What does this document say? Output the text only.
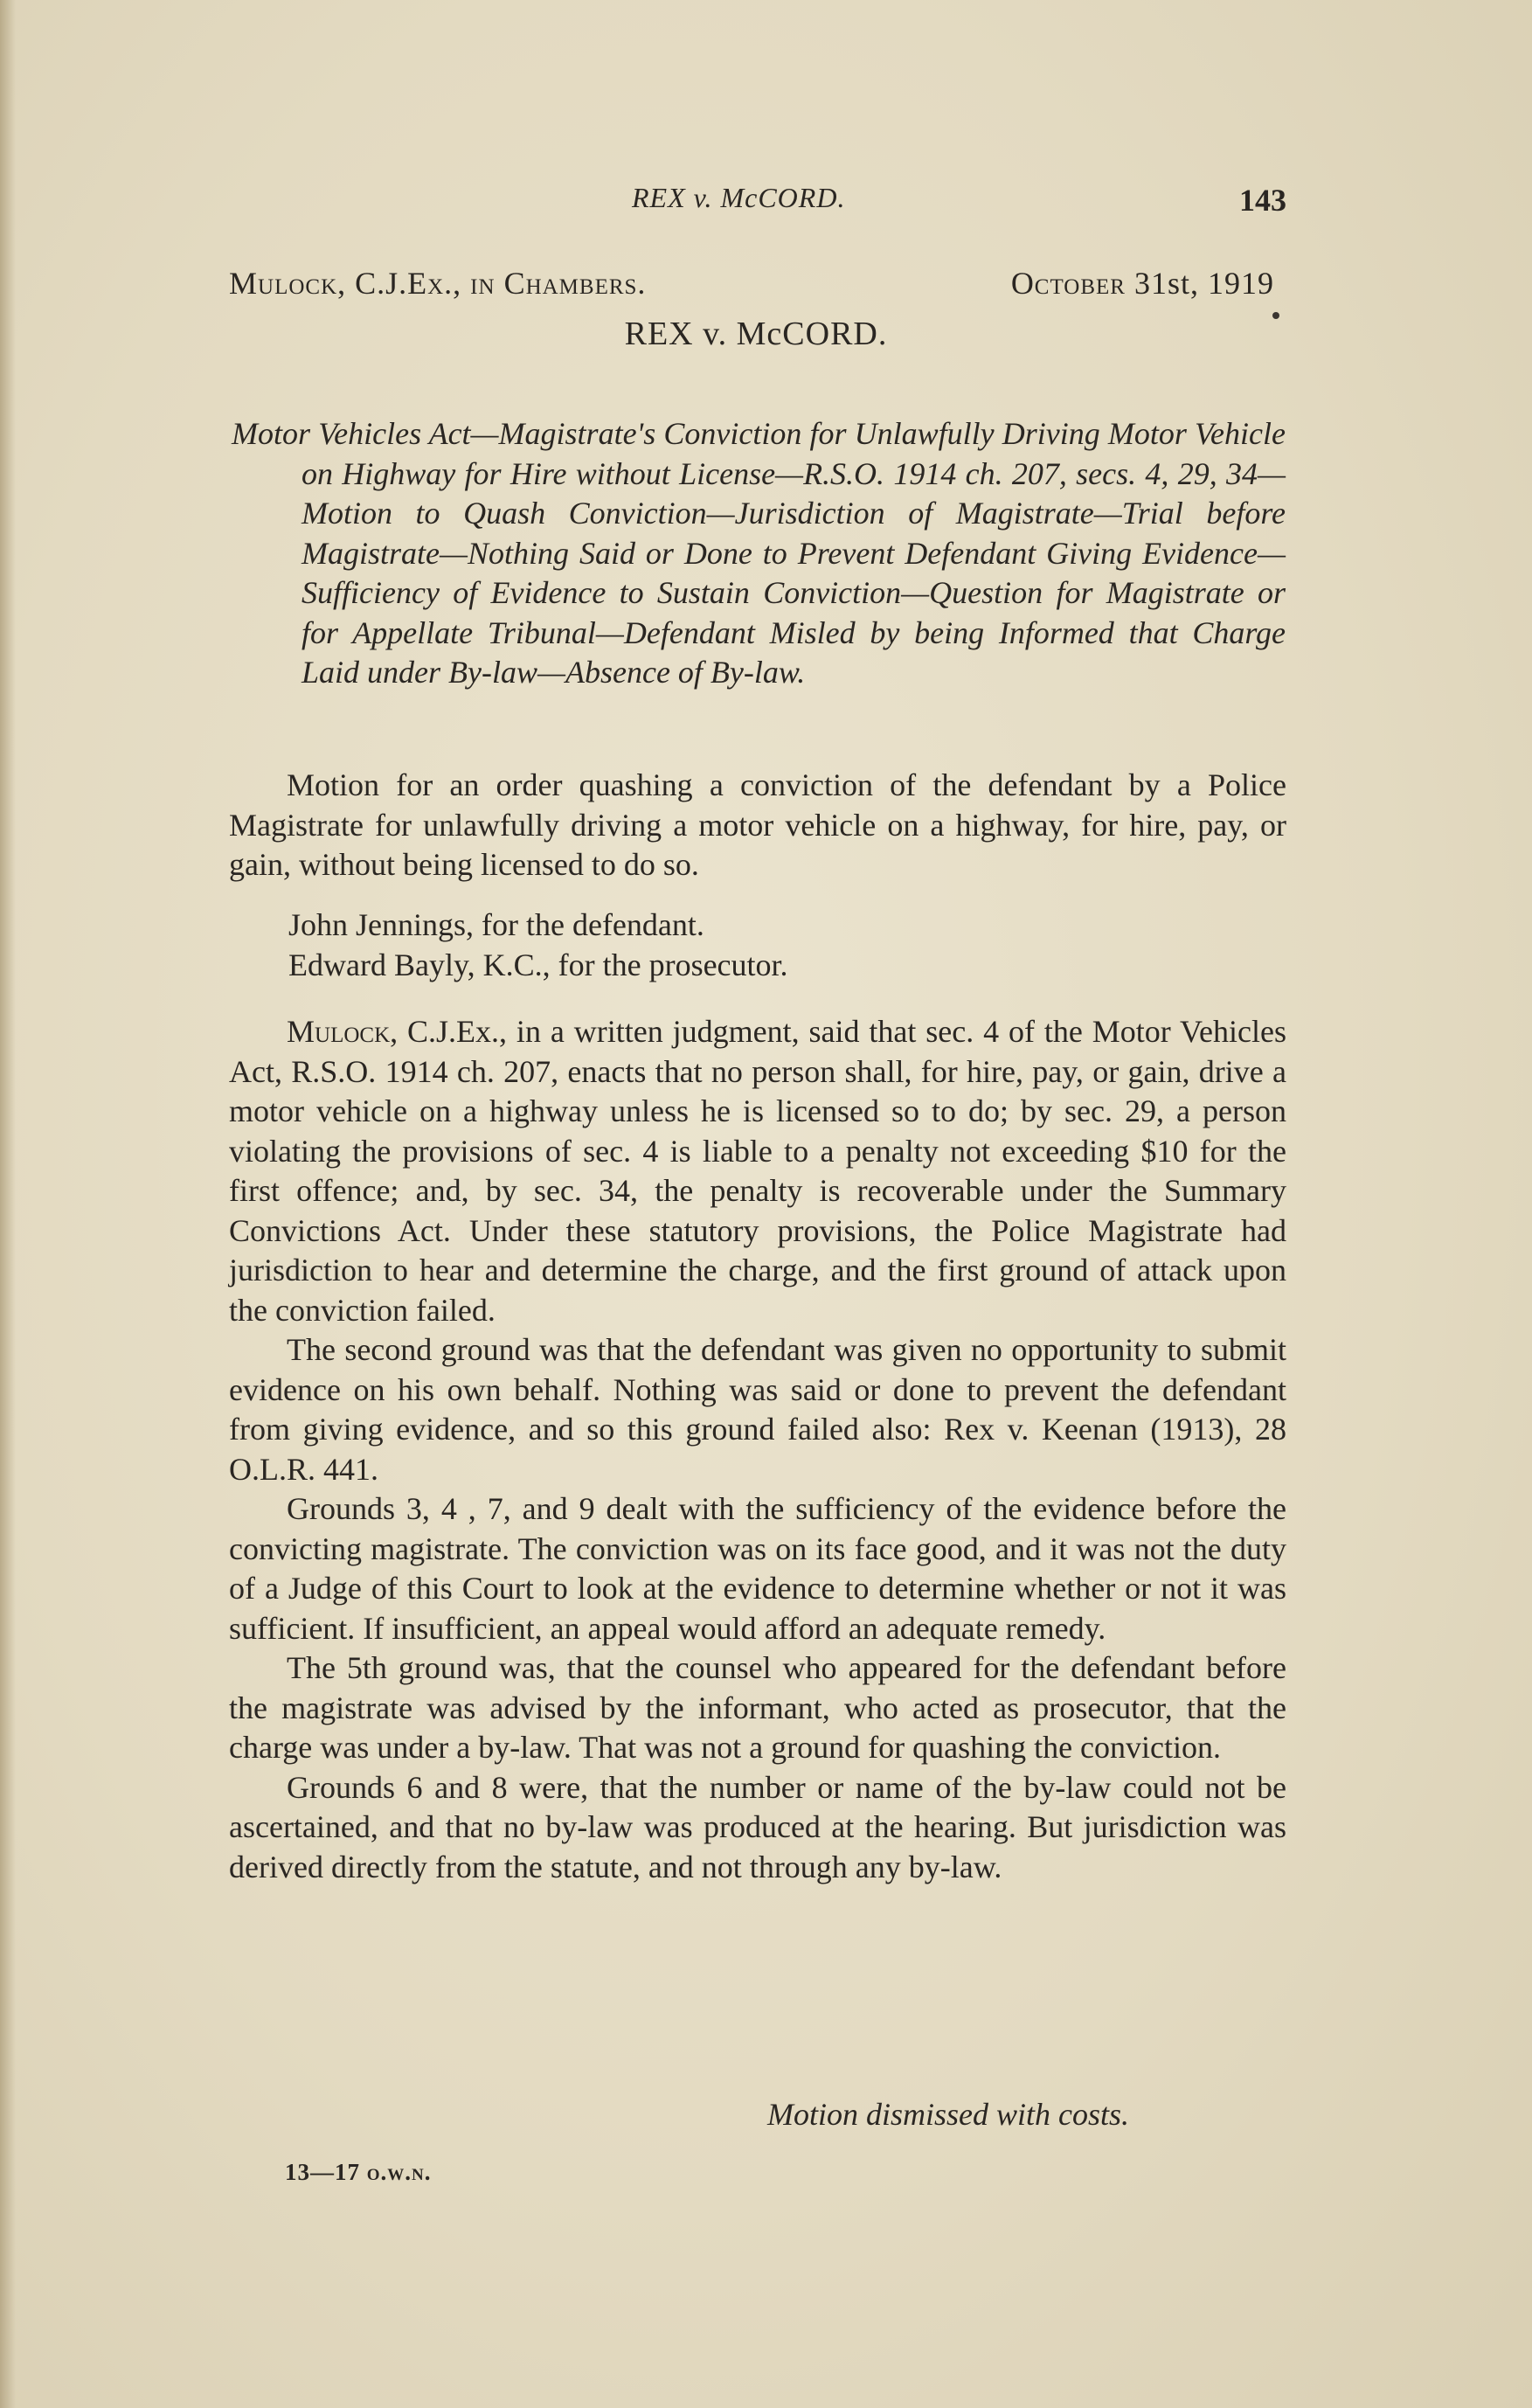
REX v. McCORD.	143
Mulock, C.J.Ex., in Chambers.	October 31st, 1919
REX v. McCORD.

Motor Vehicles Act—Magistrate's Conviction for Unlawfully Driving Motor Vehicle on Highway for Hire without License—R.S.O. 1914 ch. 207, secs. 4, 29, 34—Motion to Quash Conviction—Jurisdiction of Magistrate—Trial before Magistrate—Nothing Said or Done to Prevent Defendant Giving Evidence—Sufficiency of Evidence to Sustain Conviction—Question for Magistrate or for Appellate Tribunal—Defendant Misled by being Informed that Charge Laid under By-law—Absence of By-law.

Motion for an order quashing a conviction of the defendant by a Police Magistrate for unlawfully driving a motor vehicle on a highway, for hire, pay, or gain, without being licensed to do so.

John Jennings, for the defendant.

Edward Bayly, K.C., for the prosecutor.

Mulock, C.J.Ex., in a written judgment, said that sec. 4 of the Motor Vehicles Act, R.S.O. 1914 ch. 207, enacts that no person shall, for hire, pay, or gain, drive a motor vehicle on a highway unless he is licensed so to do; by sec. 29, a person violating the provisions of sec. 4 is liable to a penalty not exceeding $10 for the first offence; and, by sec. 34, the penalty is recoverable under the Summary Convictions Act. Under these statutory provisions, the Police Magistrate had jurisdiction to hear and determine the charge, and the first ground of attack upon the conviction failed.

The second ground was that the defendant was given no opportunity to submit evidence on his own behalf. Nothing was said or done to prevent the defendant from giving evidence, and so this ground failed also: Rex v. Keenan (1913), 28 O.L.R. 441.

Grounds 3, 4 , 7, and 9 dealt with the sufficiency of the evidence before the convicting magistrate. The conviction was on its face good, and it was not the duty of a Judge of this Court to look at the evidence to determine whether or not it was sufficient. If insufficient, an appeal would afford an adequate remedy.

The 5th ground was, that the counsel who appeared for the defendant before the magistrate was advised by the informant, who acted as prosecutor, that the charge was under a by-law. That was not a ground for quashing the conviction.

Grounds 6 and 8 were, that the number or name of the by-law could not be ascertained, and that no by-law was produced at the hearing. But jurisdiction was derived directly from the statute, and not through any by-law.

Motion dismissed with costs.
13—17 o.w.n.
